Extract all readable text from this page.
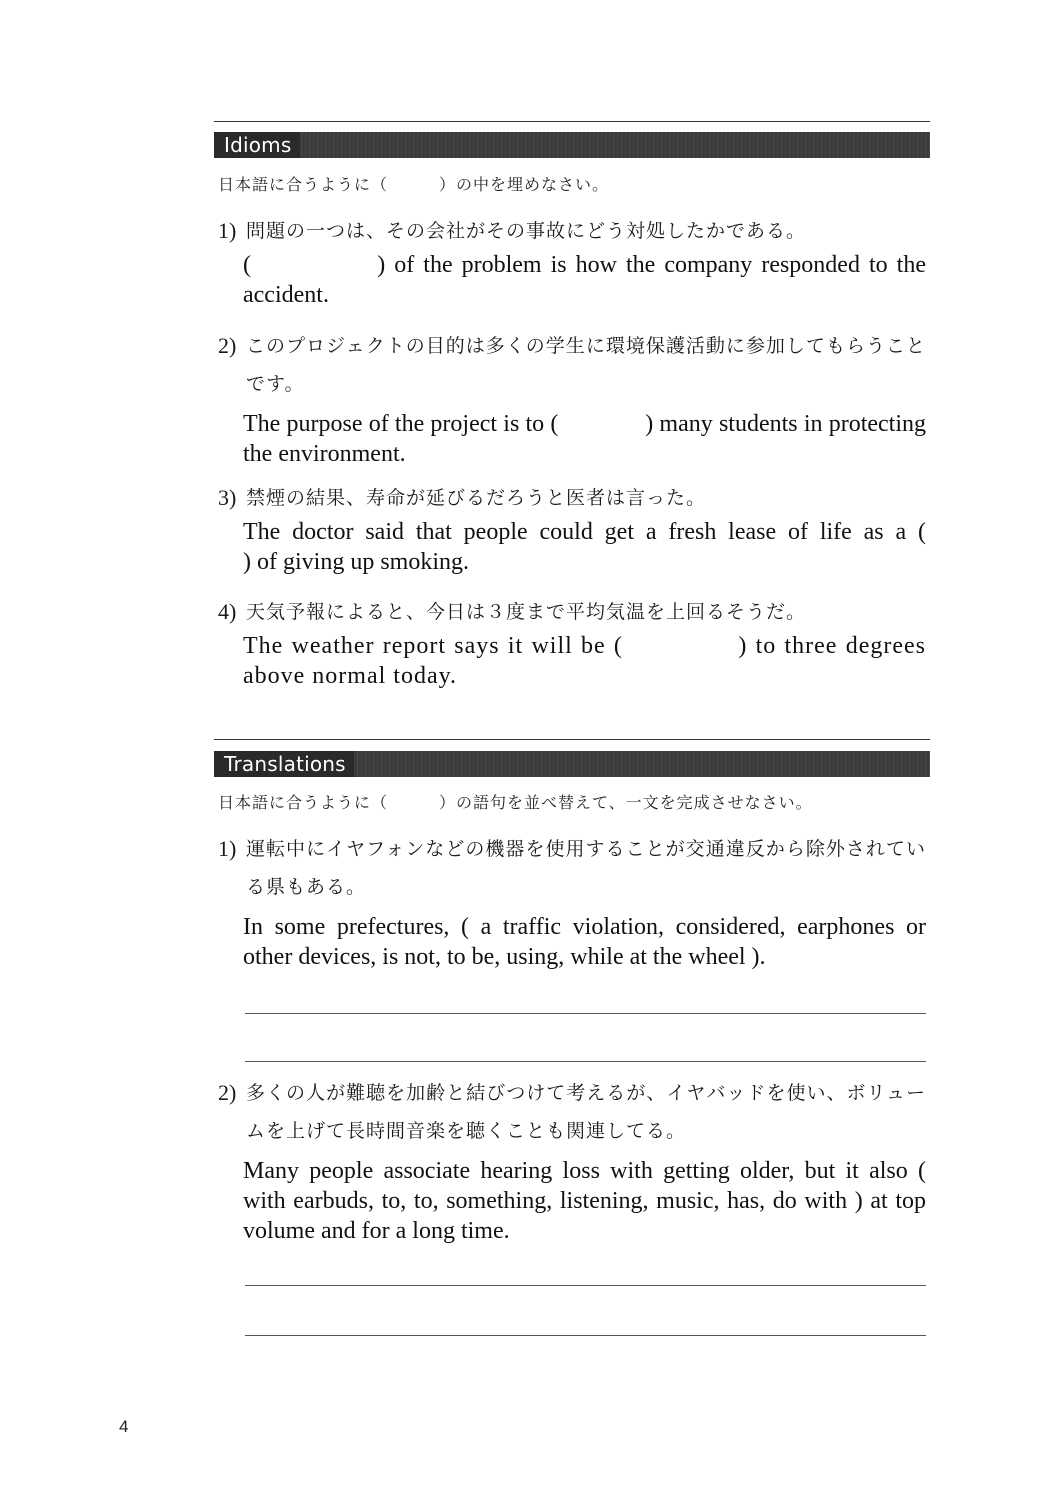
Idioms
日本語に合うように（　　　）の中を埋めなさい。
1) 問題の一つは、その会社がその事故にどう対処したかである。
(              ) of the problem is how the company responded to the accident.
2) このプロジェクトの目的は多くの学生に環境保護活動に参加してもらうことです。
The purpose of the project is to (              ) many students in protecting the environment.
3) 禁煙の結果、寿命が延びるだろうと医者は言った。
The doctor said that people could get a fresh lease of life as a (              ) of giving up smoking.
4) 天気予報によると、今日は３度まで平均気温を上回るそうだ。
The weather report says it will be (              ) to three degrees above normal today.
Translations
日本語に合うように（　　　）の語句を並べ替えて、一文を完成させなさい。
1) 運転中にイヤフォンなどの機器を使用することが交通違反から除外されている県もある。
In some prefectures, ( a traffic violation, considered, earphones or other devices, is not, to be, using, while at the wheel ).
2) 多くの人が難聴を加齢と結びつけて考えるが、イヤバッドを使い、ボリュームを上げて長時間音楽を聴くことも関連してる。
Many people associate hearing loss with getting older, but it also ( with earbuds, to, to, something, listening, music, has, do with ) at top volume and for a long time.
4
